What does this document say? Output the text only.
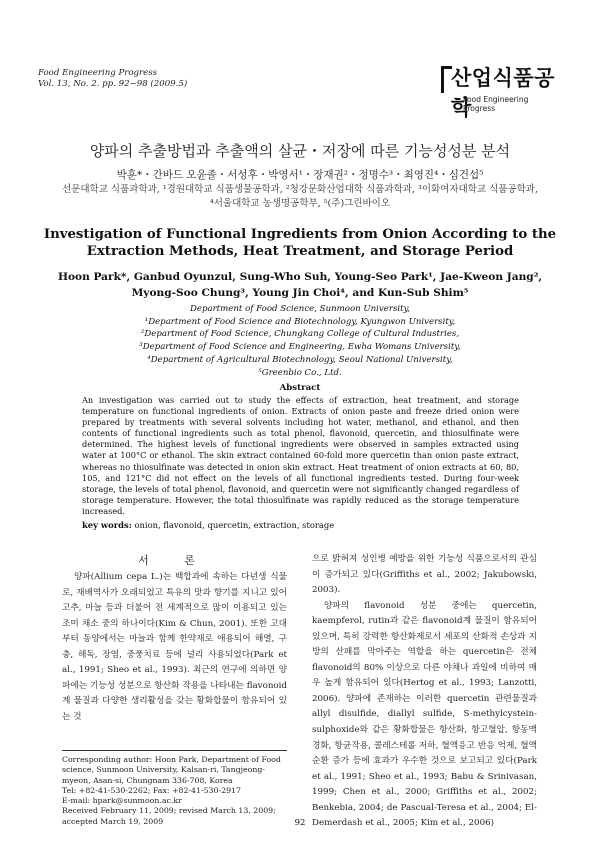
Food Engineering Progress
Vol. 13, No. 2. pp. 92~98 (2009.5)	산업식품공학
Food Engineering Progress
양파의 추출방법과 추출액의 살균・저장에 따른 기능성성분 분석
박훈*・간바드 오윤졸・서성후・박영서¹・장재권²・정명수³・최영진⁴・심건섭⁵
선문대학교 식품과학과, ¹경원대학교 식품생물공학과, ²청강문화산업대학 식품과학과, ³이화여자대학교 식품공학과,
⁴서울대학교 농생명공학부, ⁵(주)그린바이오
Investigation of Functional Ingredients from Onion According to the
Extraction Methods, Heat Treatment, and Storage Period
Hoon Park*, Ganbud Oyunzul, Sung-Who Suh, Young-Seo Park¹, Jae-Kweon Jang²,
Myong-Soo Chung³, Young Jin Choi⁴, and Kun-Sub Shim⁵
Department of Food Science, Sunmoon University,
¹Department of Food Science and Biotechnology, Kyungwon University,
²Department of Food Science, Chungkang College of Cultural Industries,
³Department of Food Science and Engineering, Ewha Womans University,
⁴Department of Agricultural Biotechnology, Seoul National University,
⁵Greenbio Co., Ltd.
Abstract
An investigation was carried out to study the effects of extraction, heat treatment, and storage temperature on functional ingredients of onion. Extracts of onion paste and freeze dried onion were prepared by treatments with several solvents including hot water, methanol, and ethanol, and then contents of functional ingredients such as total phenol, flavonoid, quercetin, and thiosulfinate were determined. The highest levels of functional ingredients were observed in samples extracted using water at 100°C or ethanol. The skin extract contained 60-fold more quercetin than onion paste extract, whereas no thiosulfinate was detected in onion skin extract. Heat treatment of onion extracts at 60, 80, 105, and 121°C did not effect on the levels of all functional ingredients tested. During four-week storage, the levels of total phenol, flavonoid, and quercetin were not significantly changed regardless of storage temperature. However, the total thiosulfinate was rapidly reduced as the storage temperature increased.
key words: onion, flavonoid, quercetin, extraction, storage
서 론

양파(Allium cepa L.)는 백합과에 속하는 다년생 식물로, 재배역사가 오래되었고 특유의 맛과 향기를 지니고 있어 고추, 마늘 등과 더불어 전 세계적으로 많이 이용되고 있는 조미 채소 중의 하나이다(Kim & Chun, 2001). 또한 고대부터 동양에서는 마늘과 함께 한약재로 애용되어 해열, 구충, 해독, 장염, 중풍치료 등에 널리 사용되었다(Park et al., 1991; Sheo et al., 1993). 최근의 연구에 의하면 양파에는 기능성 성분으로 항산화 작용을 나타내는 flavonoid계 물질과 다양한 생리활성을 갖는 황화합물이 함유되어 있는 것

으로 밝혀져 성인병 예방을 위한 기능성 식품으로서의 관심이 증가되고 있다(Griffiths et al., 2002; Jakubowski, 2003).

양파의 flavonoid 성분 중에는 quercetin, kaempferol, rutin과 같은 flavonoid계 물질이 함유되어 있으며, 특히 강력한 항산화제로서 세포의 산화적 손상과 지방의 산패를 막아주는 역할을 하는 quercetin은 전체 flavonoid의 80% 이상으로 다른 야채나 과일에 비하여 매우 높게 함유되어 있다(Hertog et al., 1993; Lanzotti, 2006). 양파에 존재하는 이러한 quercetin 관련물질과 allyl disulfide, diallyl sulfide, S-methylcystein-sulphoxide와 같은 황화합물은 항산화, 항고혈압, 항동맥경화, 항균작용, 콜레스테롤 저하, 혈액응고 반응 억제, 혈액순환 증가 등에 효과가 우수한 것으로 보고되고 있다(Park et al., 1991; Sheo et al., 1993; Babu & Srinivasan, 1999; Chen et al., 2000; Griffiths et al., 2002; Benkebia, 2004; de Pascual-Teresa et al., 2004; El-Demerdash et al., 2005; Kim et al., 2006)

Corresponding author: Hoon Park, Department of Food science, Sunmoon University, Kalsan-ri, Tangjeong-myeon, Asan-si, Chungnam 336-708, Korea
Tel: +82-41-530-2262; Fax: +82-41-530-2917
E-mail: hpark@sunmoon.ac.kr
Received February 11, 2009; revised March 13, 2009; accepted March 19, 2009	92
